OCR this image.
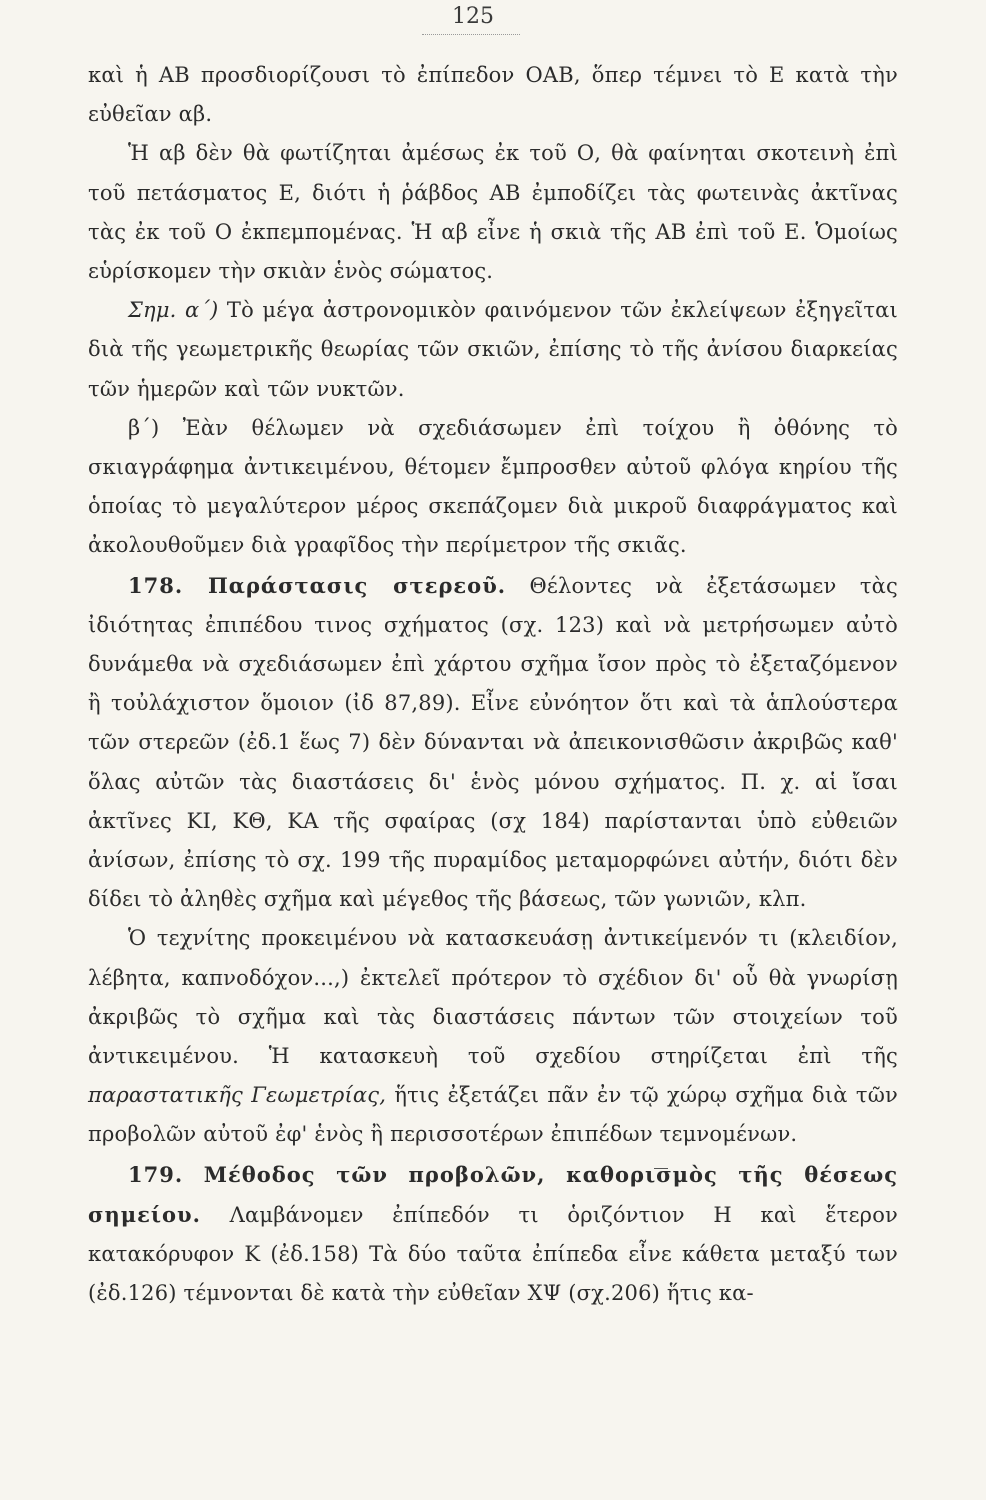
125

καὶ ἡ ΑΒ προσδιορίζουσι τὸ ἐπίπεδον ΟΑΒ, ὅπερ τέμνει τὸ Ε κατὰ τὴν εὐθεῖαν αβ.

Ἡ αβ δὲν θὰ φωτίζηται ἀμέσως ἐκ τοῦ Ο, θὰ φαίνηται σκοτεινὴ ἐπὶ τοῦ πετάσματος Ε, διότι ἡ ῥάβδος ΑΒ ἐμποδίζει τὰς φωτεινὰς ἀκτῖνας τὰς ἐκ τοῦ Ο ἐκπεμπομένας. Ἡ αβ εἶνε ἡ σκιὰ τῆς ΑΒ ἐπὶ τοῦ Ε. Ὁμοίως εὑρίσκομεν τὴν σκιὰν ἑνὸς σώματος.

Σημ. α΄) Τὸ μέγα ἀστρονομικὸν φαινόμενον τῶν ἐκλείψεων ἐξηγεῖται διὰ τῆς γεωμετρικῆς θεωρίας τῶν σκιῶν, ἐπίσης τὸ τῆς ἀνίσου διαρκείας τῶν ἡμερῶν καὶ τῶν νυκτῶν.

β΄) Ἐὰν θέλωμεν νὰ σχεδιάσωμεν ἐπὶ τοίχου ἢ ὀθόνης τὸ σκιαγράφημα ἀντικειμένου, θέτομεν ἔμπροσθεν αὐτοῦ φλόγα κηρίου τῆς ὁποίας τὸ μεγαλύτερον μέρος σκεπάζομεν διὰ μικροῦ διαφράγματος καὶ ἀκολουθοῦμεν διὰ γραφῖδος τὴν περίμετρον τῆς σκιᾶς.

178. Παράστασις στερεοῦ. Θέλοντες νὰ ἐξετάσωμεν τὰς ἰδιότητας ἐπιπέδου τινος σχήματος (σχ. 123) καὶ νὰ μετρήσωμεν αὐτὸ δυνάμεθα νὰ σχεδιάσωμεν ἐπὶ χάρτου σχῆμα ἴσον πρὸς τὸ ἐξεταζόμενον ἢ τοὐλάχιστον ὅμοιον (ἰδ 87,89). Εἶνε εὐνόητον ὅτι καὶ τὰ ἁπλούστερα τῶν στερεῶν (ἐδ.1 ἕως 7) δὲν δύνανται νὰ ἀπεικονισθῶσιν ἀκριβῶς καθ' ὅλας αὐτῶν τὰς διαστάσεις δι' ἑνὸς μόνου σχήματος. Π. χ. αἱ ἴσαι ἀκτῖνες ΚΙ, ΚΘ, ΚΑ τῆς σφαίρας (σχ 184) παρίστανται ὑπὸ εὐθειῶν ἀνίσων, ἐπίσης τὸ σχ. 199 τῆς πυραμίδος μεταμορφώνει αὐτήν, διότι δὲν δίδει τὸ ἀληθὲς σχῆμα καὶ μέγεθος τῆς βάσεως, τῶν γωνιῶν, κλπ.

Ὁ τεχνίτης προκειμένου νὰ κατασκευάσῃ ἀντικείμενόν τι (κλειδίον, λέβητα, καπνοδόχον...,) ἐκτελεῖ πρότερον τὸ σχέδιον δι' οὗ θὰ γνωρίσῃ ἀκριβῶς τὸ σχῆμα καὶ τὰς διαστάσεις πάντων τῶν στοιχείων τοῦ ἀντικειμένου. Ἡ κατασκευὴ τοῦ σχεδίου στηρίζεται ἐπὶ τῆς παραστατικῆς Γεωμετρίας, ἥτις ἐξετάζει πᾶν ἐν τῷ χώρῳ σχῆμα διὰ τῶν προβολῶν αὐτοῦ ἐφ' ἑνὸς ἢ περισσοτέρων ἐπιπέδων τεμνομένων.

179. Μέθοδος τῶν προβολῶν, καθορισμὸς τῆς θέσεως σημείου. Λαμβάνομεν ἐπίπεδόν τι ὁριζόντιον Η καὶ ἕτερον κατακόρυφον Κ (ἐδ.158) Τὰ δύο ταῦτα ἐπίπεδα εἶνε κάθετα μεταξύ των (ἐδ.126) τέμνονται δὲ κατὰ τὴν εὐθεῖαν ΧΨ (σχ.206) ἥτις κα-
